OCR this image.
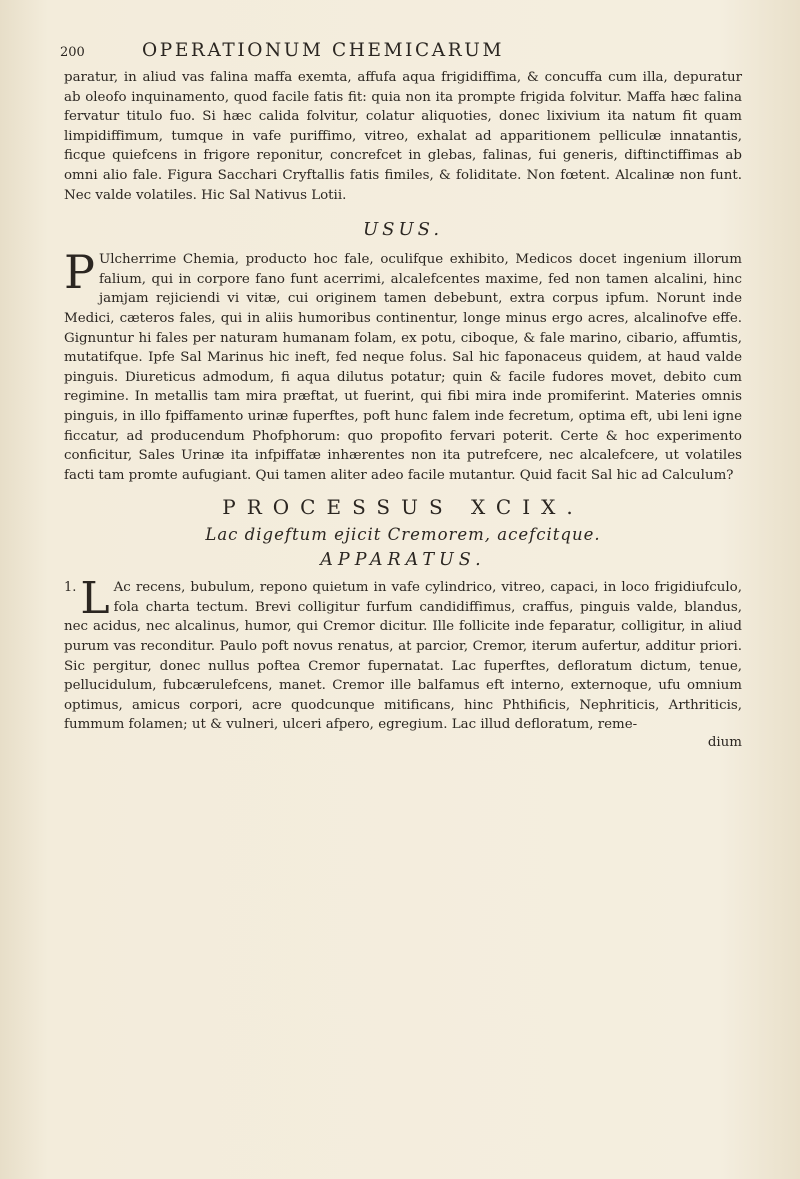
200	OPERATIONUM CHEMICARUM

paratur, in aliud vas falina maffa exemta, affufa aqua frigidiffima, & concuffa cum illa, depuratur ab oleofo inquinamento, quod facile fatis fit: quia non ita prompte frigida folvitur. Maffa hæc falina fervatur titulo fuo. Si hæc calida folvitur, colatur aliquoties, donec lixivium ita natum fit quam limpidiffimum, tumque in vafe puriffimo, vitreo, exhalat ad apparitionem pelliculæ innatantis, ficque quiefcens in frigore reponitur, concrefcet in glebas, falinas, fui generis, diftinctiffimas ab omni alio fale. Figura Sacchari Cryftallis fatis fimiles, & foliditate. Non fœtent. Alcalinæ non funt. Nec valde volatiles. Hic Sal Nativus Lotii.

USUS.

PUlcherrime Chemia, producto hoc fale, oculifque exhibito, Medicos docet ingenium illorum falium, qui in corpore fano funt acerrimi, alcalefcentes maxime, fed non tamen alcalini, hinc jamjam rejiciendi vi vitæ, cui originem tamen debebunt, extra corpus ipfum. Norunt inde Medici, cæteros fales, qui in aliis humoribus continentur, longe minus ergo acres, alcalinofve effe. Gignuntur hi fales per naturam humanam folam, ex potu, ciboque, & fale marino, cibario, affumtis, mutatifque. Ipfe Sal Marinus hic ineft, fed neque folus. Sal hic faponaceus quidem, at haud valde pinguis. Diureticus admodum, fi aqua dilutus potatur; quin & facile fudores movet, debito cum regimine. In metallis tam mira præftat, ut fuerint, qui fibi mira inde promiferint. Materies omnis pinguis, in illo fpiffamento urinæ fuperftes, poft hunc falem inde fecretum, optima eft, ubi leni igne ficcatur, ad producendum Phofphorum: quo propofito fervari poterit. Certe & hoc experimento conficitur, Sales Urinæ ita infpiffatæ inhærentes non ita putrefcere, nec alcalefcere, ut volatiles facti tam promte aufugiant. Qui tamen aliter adeo facile mutantur. Quid facit Sal hic ad Calculum?

PROCESSUS XCIX.
Lac digeftum ejicit Cremorem, acefcitque.
APPARATUS.

1. L Ac recens, bubulum, repono quietum in vafe cylindrico, vitreo, capaci, in loco frigidiufculo, fola charta tectum. Brevi colligitur furfum candidiffimus, craffus, pinguis valde, blandus, nec acidus, nec alcalinus, humor, qui Cremor dicitur. Ille follicite inde feparatur, colligitur, in aliud purum vas reconditur. Paulo poft novus renatus, at parcior, Cremor, iterum aufertur, additur priori. Sic pergitur, donec nullus poftea Cremor fupernatat. Lac fuperftes, defloratum dictum, tenue, pellucidulum, fubcærulefcens, manet. Cremor ille balfamus eft interno, externoque, ufu omnium optimus, amicus corpori, acre quodcunque mitificans, hinc Phthificis, Nephriticis, Arthriticis, fummum folamen; ut & vulneri, ulceri afpero, egregium. Lac illud defloratum, reme-

dium
